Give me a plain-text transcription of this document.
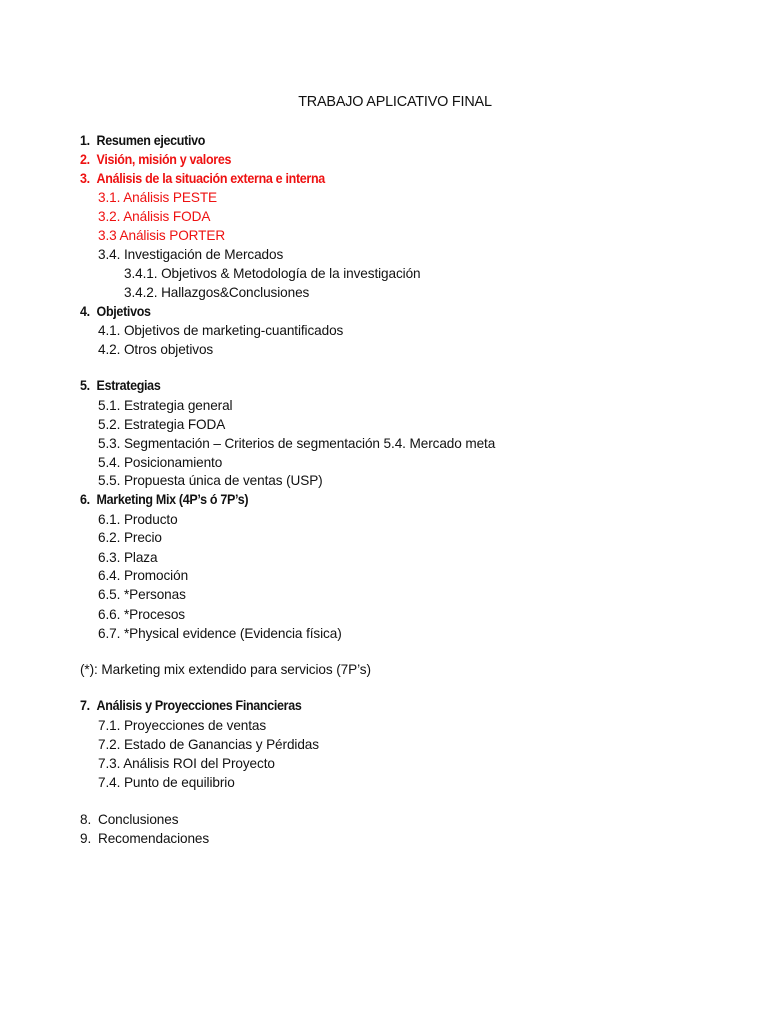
TRABAJO APLICATIVO FINAL
1. Resumen ejecutivo
2. Visión, misión y valores
3. Análisis de la situación externa e interna
3.1. Análisis PESTE
3.2. Análisis FODA
3.3 Análisis PORTER
3.4. Investigación de Mercados
3.4.1. Objetivos & Metodología de la investigación
3.4.2. Hallazgos&Conclusiones
4. Objetivos
4.1. Objetivos de marketing-cuantificados
4.2. Otros objetivos
5. Estrategias
5.1. Estrategia general
5.2. Estrategia FODA
5.3. Segmentación – Criterios de segmentación 5.4. Mercado meta
5.4. Posicionamiento
5.5. Propuesta única de ventas (USP)
6. Marketing Mix (4P’s ó 7P’s)
6.1. Producto
6.2. Precio
6.3. Plaza
6.4. Promoción
6.5. *Personas
6.6. *Procesos
6.7. *Physical evidence (Evidencia física)
(*): Marketing mix extendido para servicios (7P’s)
7. Análisis y Proyecciones Financieras
7.1. Proyecciones de ventas
7.2. Estado de Ganancias y Pérdidas
7.3. Análisis ROI del Proyecto
7.4. Punto de equilibrio
8. Conclusiones
9. Recomendaciones
